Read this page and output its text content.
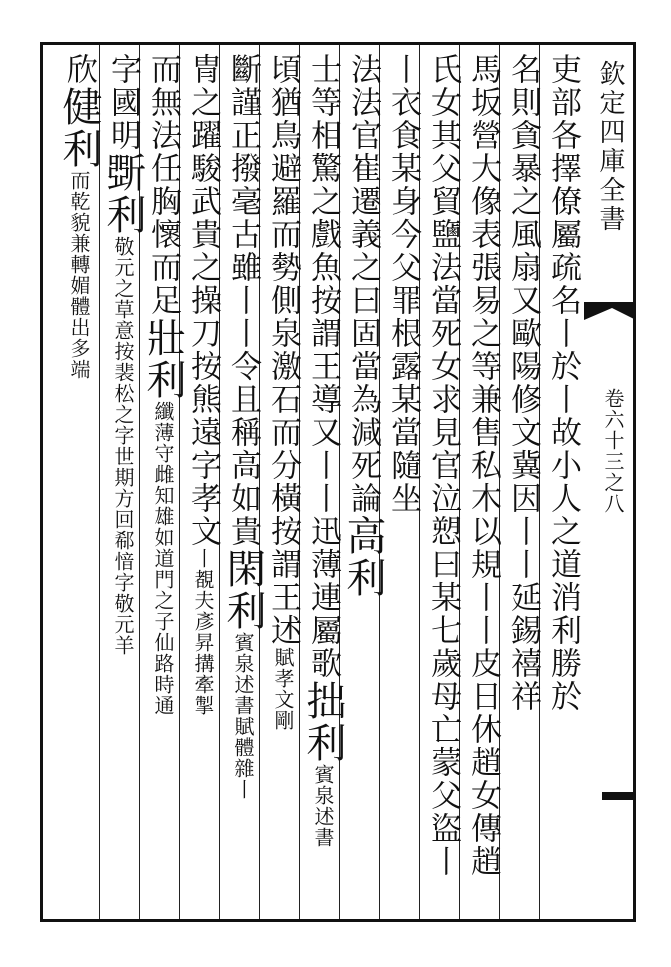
欽定四庫全書
卷六十三之八
吏部各擇僚屬疏名丨於丨故小人之道消利勝於
名則貪暴之風扇又歐陽修文冀因丨丨延錫禧祥
馬坂營大像表張易之等兼售私木以規丨丨皮日休趙女傳趙
氏女其父貿鹽法當死女求見官泣愬曰某七歲母亡蒙父盜丨
丨衣食某身今父罪根露某當隨坐
法法官崔遷義之曰固當為減死論高利
士等相驚之戲魚按謂王導又丨丨迅薄連屬歌拙利賓泉述書
頃猶鳥避羅而勢側泉激石而分橫按謂王述賦孝文剛
斷謹正撥毫古雖丨丨令且稱高如貴閑利賓泉述書賦體雜丨
冑之躍駿武貴之操刀按熊遠字孝文丨覩夫彥昇搆牽掣
而無法任胸懷而足壯利纖薄守雌知雄如道門之子仙路時通
字國明斲利敬元之草意按裴松之字世期方回郗愔字敬元羊
欣健利而乾貌兼轉媚體出多端
